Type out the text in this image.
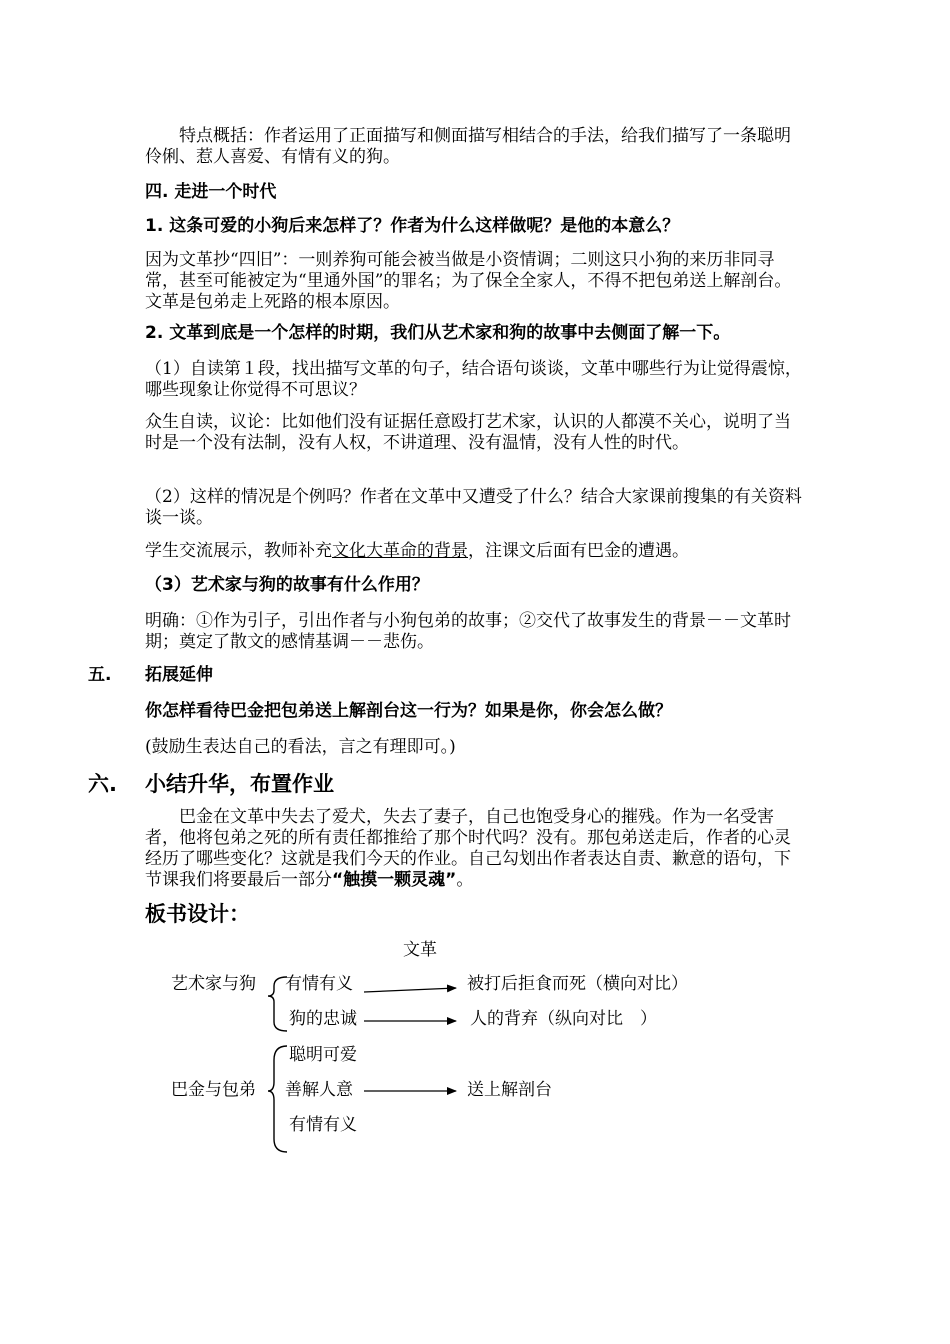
特点概括：作者运用了正面描写和侧面描写相结合的手法，给我们描写了一条聪明伶俐、惹人喜爱、有情有义的狗。

四. 走进一个时代

1. 这条可爱的小狗后来怎样了？作者为什么这样做呢？是他的本意么？

因为文革抄“四旧”：一则养狗可能会被当做是小资情调；二则这只小狗的来历非同寻常，甚至可能被定为“里通外国”的罪名；为了保全全家人，不得不把包弟送上解剖台。文革是包弟走上死路的根本原因。

2. 文革到底是一个怎样的时期，我们从艺术家和狗的故事中去侧面了解一下。

（1）自读第１段，找出描写文革的句子，结合语句谈谈，文革中哪些行为让觉得震惊，哪些现象让你觉得不可思议？

众生自读，议论：比如他们没有证据任意殴打艺术家，认识的人都漠不关心，说明了当时是一个没有法制，没有人权，不讲道理、没有温情，没有人性的时代。

（2）这样的情况是个例吗？作者在文革中又遭受了什么？结合大家课前搜集的有关资料谈一谈。

学生交流展示，教师补充文化大革命的背景，注课文后面有巴金的遭遇。

（3）艺术家与狗的故事有什么作用？

明确：①作为引子，引出作者与小狗包弟的故事；②交代了故事发生的背景－－文革时期；奠定了散文的感情基调－－悲伤。

五. 拓展延伸

你怎样看待巴金把包弟送上解剖台这一行为？如果是你，你会怎么做？

(鼓励生表达自己的看法，言之有理即可。)

六. 小结升华，布置作业

巴金在文革中失去了爱犬，失去了妻子，自己也饱受身心的摧残。作为一名受害者，他将包弟之死的所有责任都推给了那个时代吗？没有。那包弟送走后，作者的心灵经历了哪些变化？这就是我们今天的作业。自己勾划出作者表达自责、歉意的语句，下节课我们将要最后一部分“触摸一颗灵魂”。

板书设计：

文革
艺术家与狗 有情有义
狗的忠诚
被打后拒食而死（横向对比）
人的背弃（纵向对比　）
聪明可爱
巴金与包弟 善解人意
有情有义
送上解剖台
